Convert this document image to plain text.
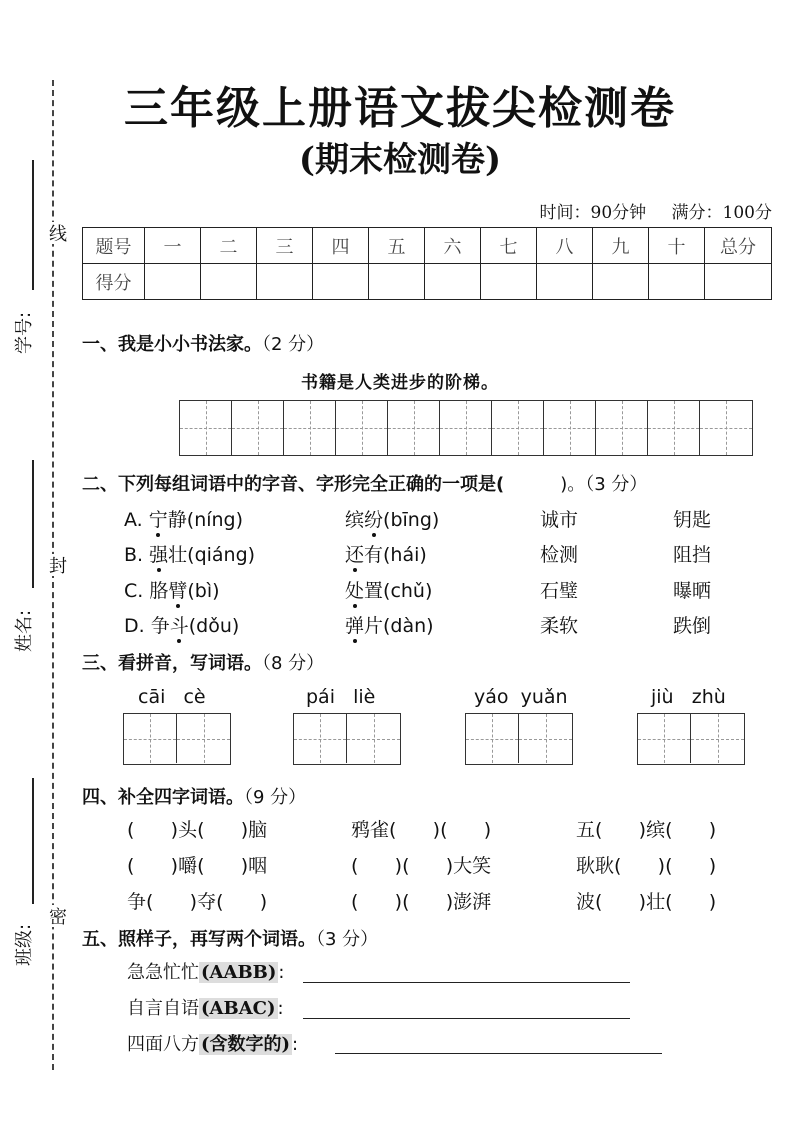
线
封
密
学号:
姓名:
班级:
三年级上册语文拔尖检测卷
(期末检测卷)
时间：90分钟 满分：100分
题号	一	二	三	四	五	六	七	八	九	十	总分
得分											
一、我是小小书法家。（2 分）
书籍是人类进步的阶梯。
二、下列每组词语中的字音、字形完全正确的一项是(	)。（3 分）
A. 宁静(níng)	缤纷(bīng)	诚市	钥匙
B. 强壮(qiáng)	还有(hái)	检测	阻挡
C. 胳臂(bì)	处置(chǔ)	石璧	曝晒
D. 争斗(dǒu)	弹片(dàn)	柔软	跌倒
三、看拼音，写词语。（8 分）
cāi   cè	pái   liè	yáo  yuǎn	jiù   zhù
四、补全四字词语。（9 分）
(      )头(      )脑	鸦雀(      )(      )	五(      )缤(      )
(      )嚼(      )咽	(      )(      )大笑	耿耿(      )(      )
争(      )夺(      )	(      )(      )澎湃	波(      )壮(      )
五、照样子，再写两个词语。（3 分）
急急忙忙 (AABB) :
自言自语 (ABAC) :
四面八方 (含数字的) :
